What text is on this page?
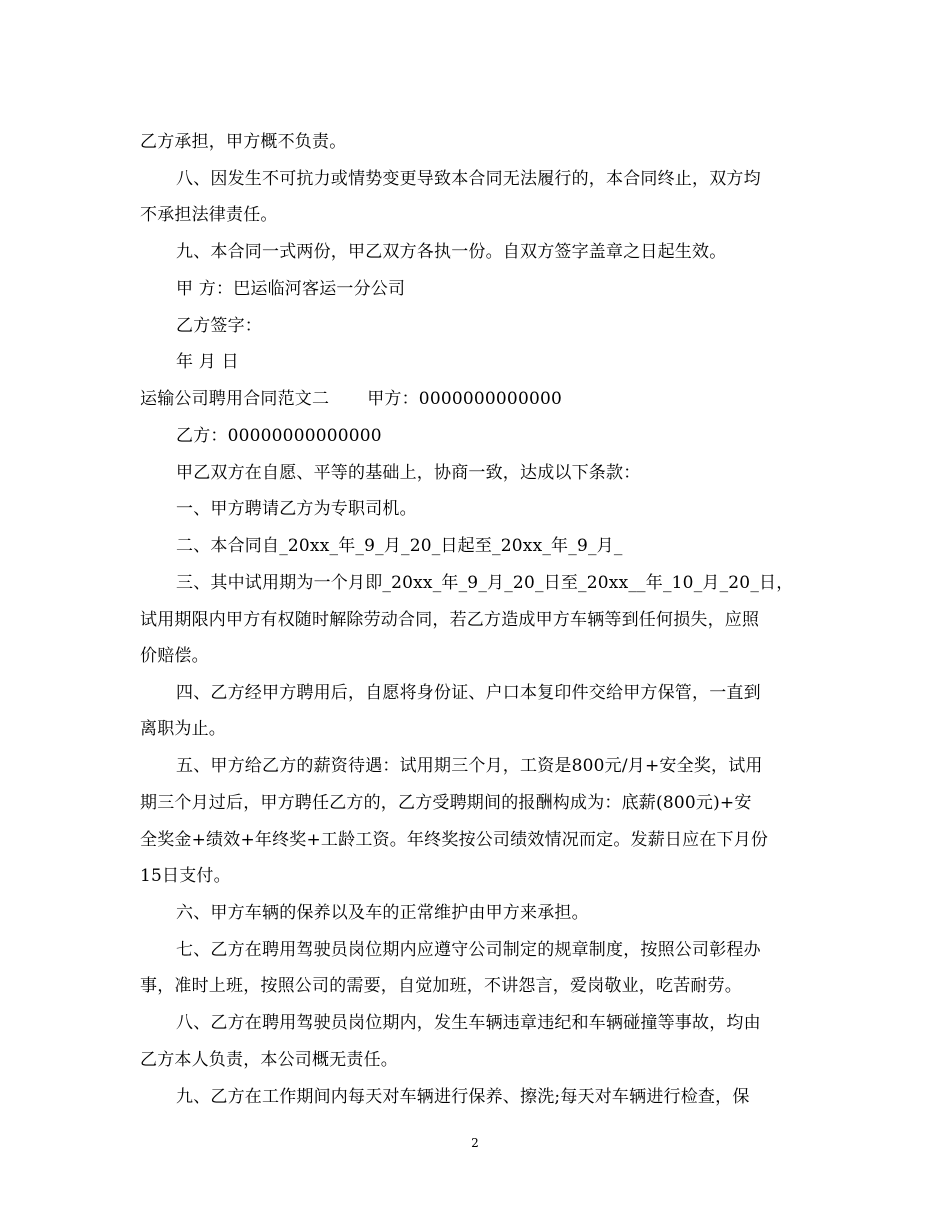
乙方承担，甲方概不负责。
八、因发生不可抗力或情势变更导致本合同无法履行的，本合同终止，双方均
不承担法律责任。
九、本合同一式两份，甲乙双方各执一份。自双方签字盖章之日起生效。
甲 方：巴运临河客运一分公司
乙方签字：
年 月 日
运输公司聘用合同范文二 甲方：0000000000000
乙方：00000000000000
甲乙双方在自愿、平等的基础上，协商一致，达成以下条款：
一、甲方聘请乙方为专职司机。
二、本合同自_20xx_年_9_月_20_日起至_20xx_年_9_月_
三、其中试用期为一个月即_20xx_年_9_月_20_日至_20xx__年_10_月_20_日，
试用期限内甲方有权随时解除劳动合同，若乙方造成甲方车辆等到任何损失，应照
价赔偿。
四、乙方经甲方聘用后，自愿将身份证、户口本复印件交给甲方保管，一直到
离职为止。
五、甲方给乙方的薪资待遇：试用期三个月，工资是800元/月+安全奖，试用
期三个月过后，甲方聘任乙方的，乙方受聘期间的报酬构成为：底薪(800元)+安
全奖金+绩效+年终奖+工龄工资。年终奖按公司绩效情况而定。发薪日应在下月份
15日支付。
六、甲方车辆的保养以及车的正常维护由甲方来承担。
七、乙方在聘用驾驶员岗位期内应遵守公司制定的规章制度，按照公司彰程办
事，准时上班，按照公司的需要，自觉加班，不讲怨言，爱岗敬业，吃苦耐劳。
八、乙方在聘用驾驶员岗位期内，发生车辆违章违纪和车辆碰撞等事故，均由
乙方本人负责，本公司概无责任。
九、乙方在工作期间内每天对车辆进行保养、擦洗;每天对车辆进行检查，保
2
